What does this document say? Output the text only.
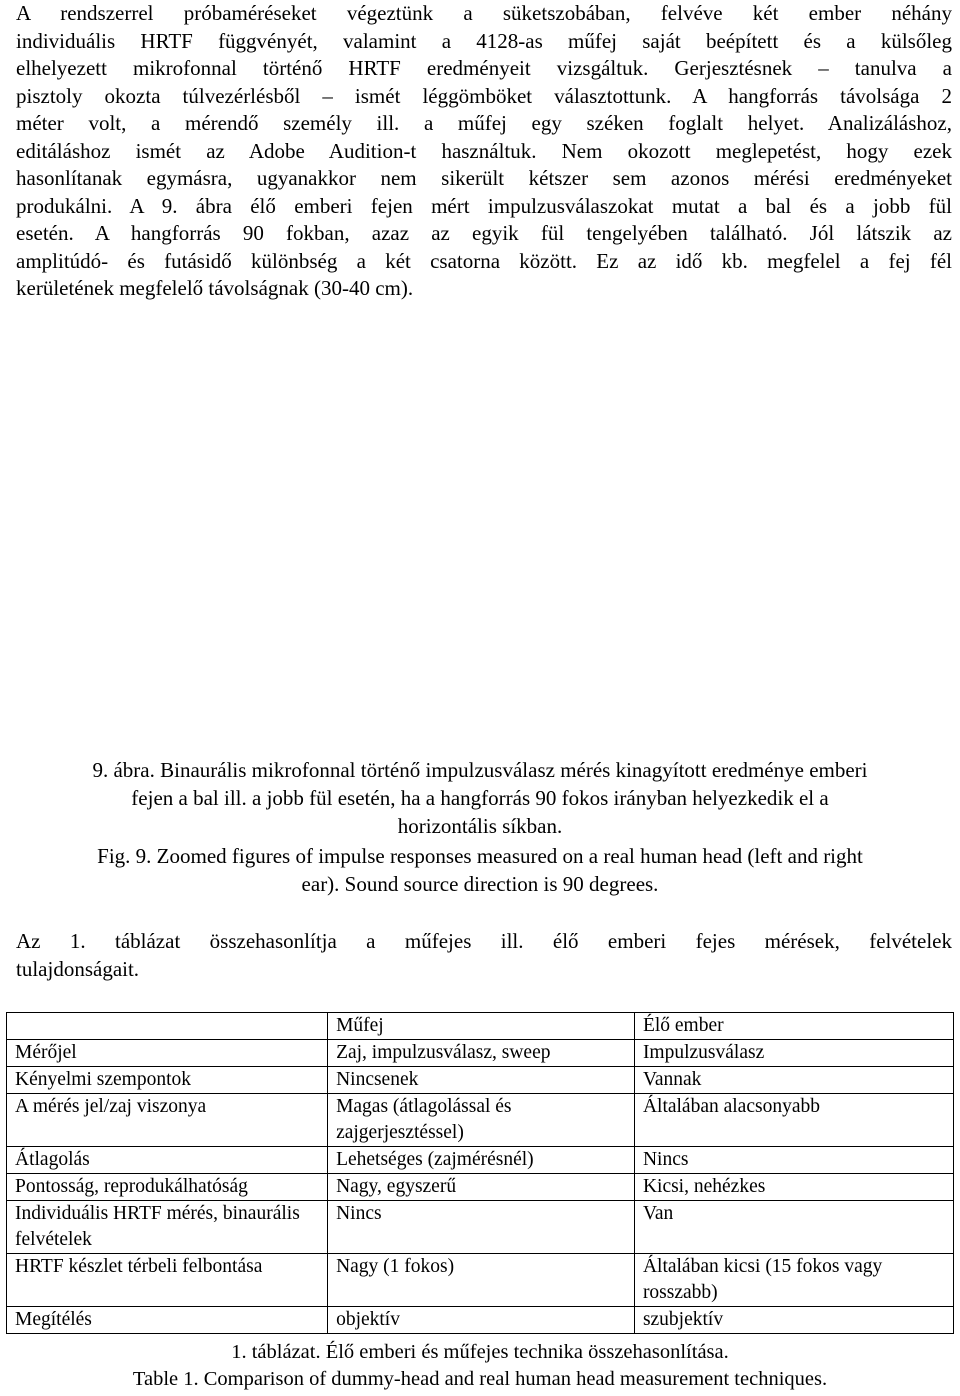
A rendszerrel próbaméréseket végeztünk a süketszobában, felvéve két ember néhány
individuális HRTF függvényét, valamint a 4128-as műfej saját beépített és a külsőleg
elhelyezett mikrofonnal történő HRTF eredményeit vizsgáltuk. Gerjesztésnek – tanulva a
pisztoly okozta túlvezérlésből – ismét léggömböket választottunk. A hangforrás távolsága 2
méter volt, a mérendő személy ill. a műfej egy széken foglalt helyet. Analizáláshoz,
editáláshoz ismét az Adobe Audition-t használtuk. Nem okozott meglepetést, hogy ezek
hasonlítanak egymásra, ugyanakkor nem sikerült kétszer sem azonos mérési eredményeket
produkálni. A 9. ábra élő emberi fejen mért impulzusválaszokat mutat a bal és a jobb fül
esetén. A hangforrás 90 fokban, azaz az egyik fül tengelyében található. Jól látszik az
amplitúdó- és futásidő különbség a két csatorna között. Ez az idő kb. megfelel a fej fél
kerületének megfelelő távolságnak (30-40 cm).

9. ábra. Binaurális mikrofonnal történő impulzusválasz mérés kinagyított eredménye emberi

fejen a bal ill. a jobb fül esetén, ha a hangforrás 90 fokos irányban helyezkedik el a

horizontális síkban.

Fig. 9. Zoomed figures of impulse responses measured on a real human head (left and right

ear). Sound source direction is 90 degrees.

Az 1. táblázat összehasonlítja a műfejes ill. élő emberi fejes mérések, felvételek
tulajdonságait.
	Műfej	Élő ember
Mérőjel	Zaj, impulzusválasz, sweep	Impulzusválasz
Kényelmi szempontok	Nincsenek	Vannak
A mérés jel/zaj viszonya	Magas (átlagolással és zajgerjesztéssel)	Általában alacsonyabb
Átlagolás	Lehetséges (zajmérésnél)	Nincs
Pontosság, reprodukálhatóság	Nagy, egyszerű	Kicsi, nehézkes
Individuális HRTF mérés, binaurális felvételek	Nincs	Van
HRTF készlet térbeli felbontása	Nagy (1 fokos)	Általában kicsi (15 fokos vagy rosszabb)
Megítélés	objektív	szubjektív

1. táblázat. Élő emberi és műfejes technika összehasonlítása.

Table 1. Comparison of dummy-head and real human head measurement techniques.
